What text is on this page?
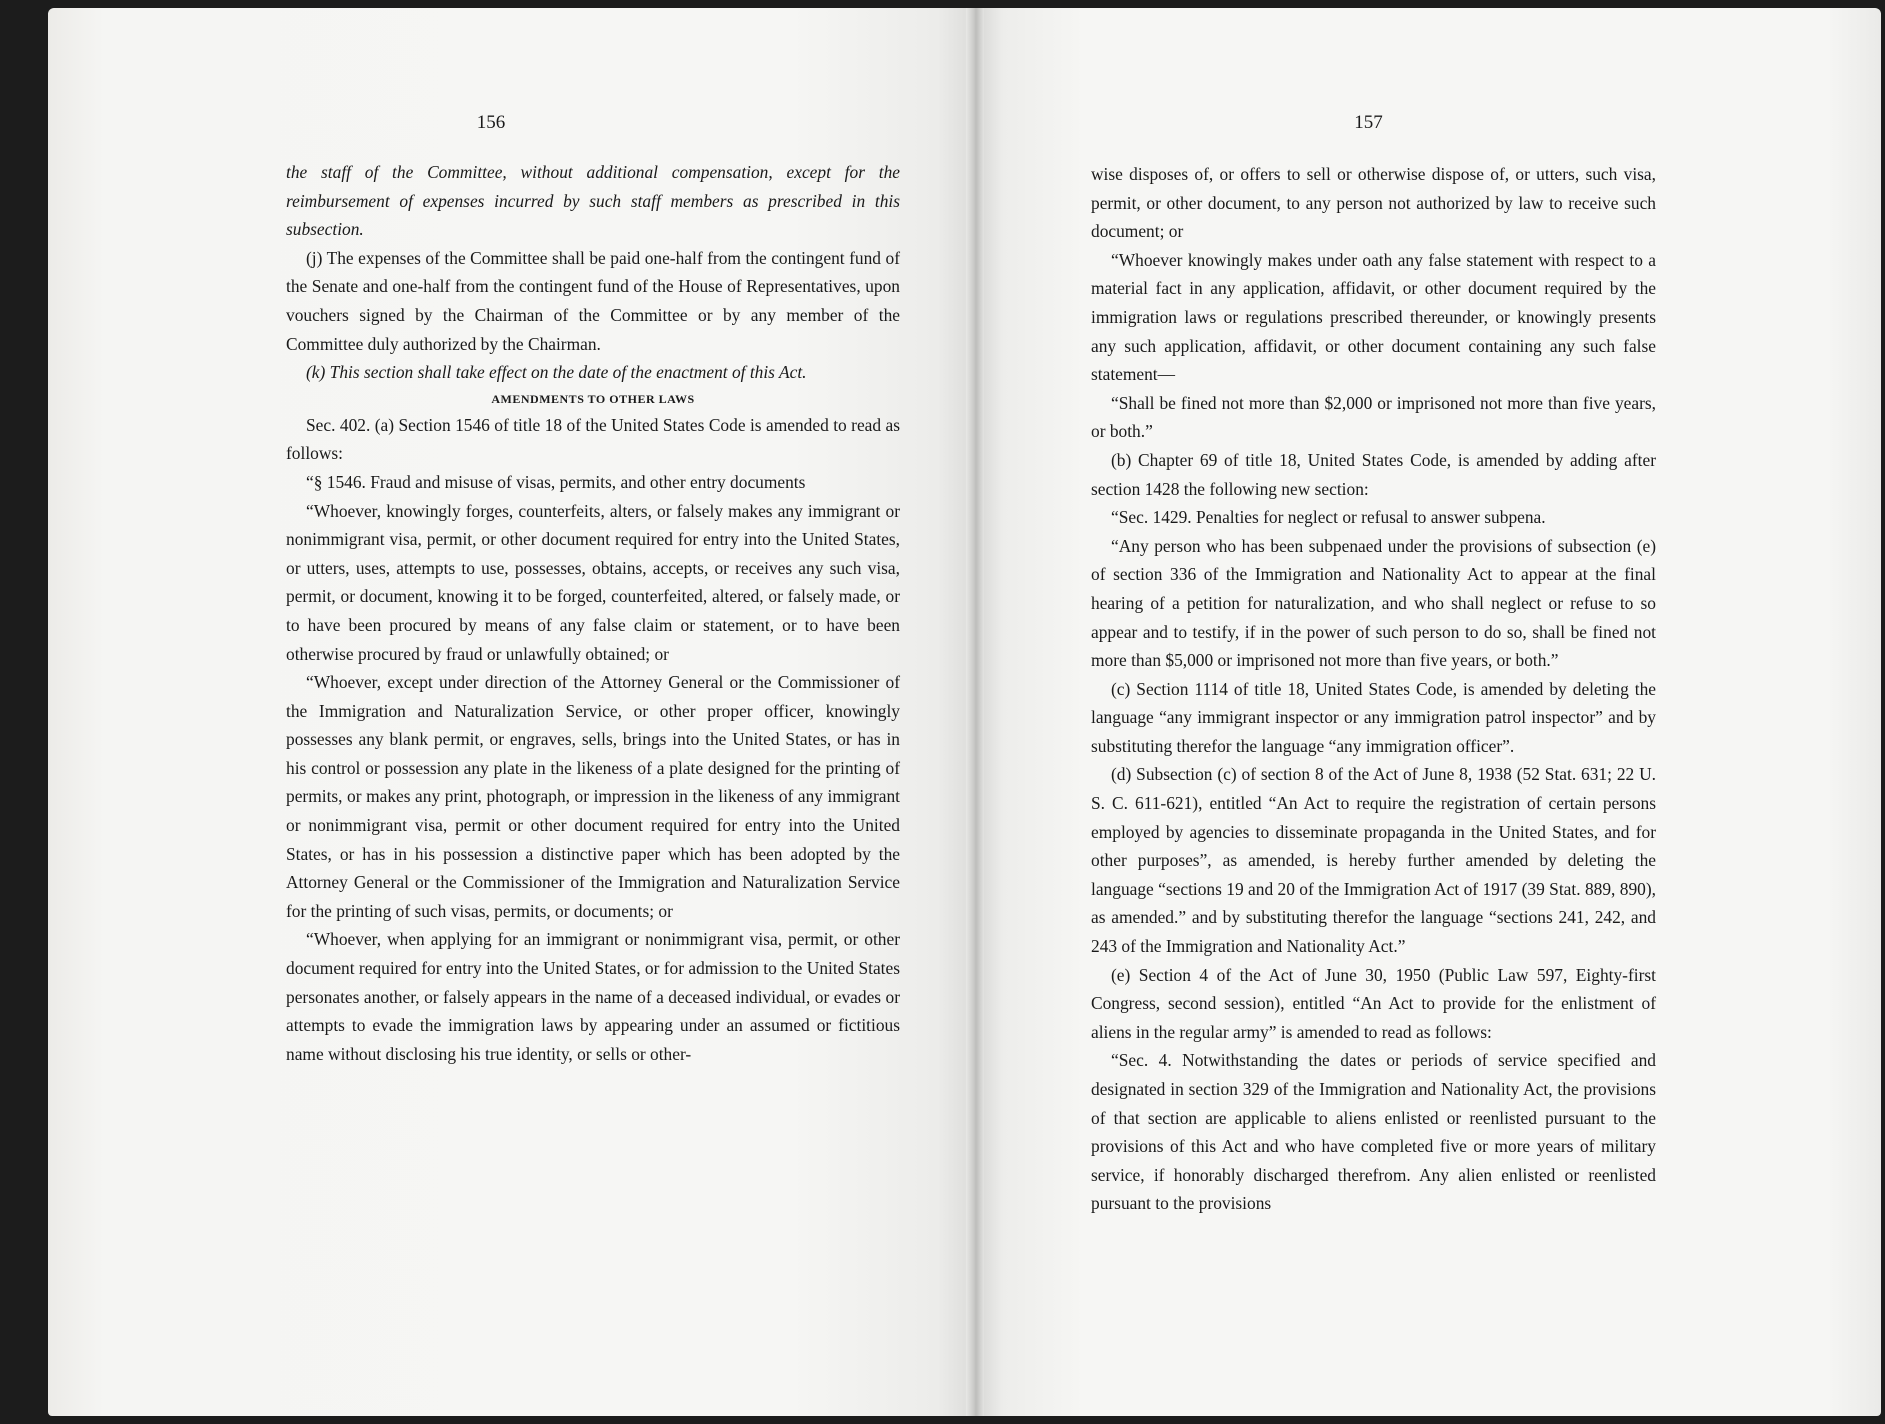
156

the staff of the Committee, without additional compensation, except for the reimbursement of expenses incurred by such staff members as prescribed in this subsection.

(j) The expenses of the Committee shall be paid one-half from the contingent fund of the Senate and one-half from the contingent fund of the House of Representatives, upon vouchers signed by the Chairman of the Committee or by any member of the Committee duly authorized by the Chairman.

(k) This section shall take effect on the date of the enactment of this Act.

AMENDMENTS TO OTHER LAWS

Sec. 402. (a) Section 1546 of title 18 of the United States Code is amended to read as follows:

“§ 1546. Fraud and misuse of visas, permits, and other entry documents

“Whoever, knowingly forges, counterfeits, alters, or falsely makes any immigrant or nonimmigrant visa, permit, or other document required for entry into the United States, or utters, uses, attempts to use, possesses, obtains, accepts, or receives any such visa, permit, or document, knowing it to be forged, counterfeited, altered, or falsely made, or to have been procured by means of any false claim or statement, or to have been otherwise procured by fraud or unlawfully obtained; or

“Whoever, except under direction of the Attorney General or the Commissioner of the Immigration and Naturalization Service, or other proper officer, knowingly possesses any blank permit, or engraves, sells, brings into the United States, or has in his control or possession any plate in the likeness of a plate designed for the printing of permits, or makes any print, photograph, or impression in the likeness of any immigrant or nonimmigrant visa, permit or other document required for entry into the United States, or has in his possession a distinctive paper which has been adopted by the Attorney General or the Commissioner of the Immigration and Naturalization Service for the printing of such visas, permits, or documents; or

“Whoever, when applying for an immigrant or nonimmigrant visa, permit, or other document required for entry into the United States, or for admission to the United States personates another, or falsely appears in the name of a deceased individual, or evades or attempts to evade the immigration laws by appearing under an assumed or fictitious name without disclosing his true identity, or sells or other-

157

wise disposes of, or offers to sell or otherwise dispose of, or utters, such visa, permit, or other document, to any person not authorized by law to receive such document; or

“Whoever knowingly makes under oath any false statement with respect to a material fact in any application, affidavit, or other document required by the immigration laws or regulations prescribed thereunder, or knowingly presents any such application, affidavit, or other document containing any such false statement—

“Shall be fined not more than $2,000 or imprisoned not more than five years, or both.”

(b) Chapter 69 of title 18, United States Code, is amended by adding after section 1428 the following new section:

“Sec. 1429. Penalties for neglect or refusal to answer subpena.

“Any person who has been subpenaed under the provisions of subsection (e) of section 336 of the Immigration and Nationality Act to appear at the final hearing of a petition for naturalization, and who shall neglect or refuse to so appear and to testify, if in the power of such person to do so, shall be fined not more than $5,000 or imprisoned not more than five years, or both.”

(c) Section 1114 of title 18, United States Code, is amended by deleting the language “any immigrant inspector or any immigration patrol inspector” and by substituting therefor the language “any immigration officer”.

(d) Subsection (c) of section 8 of the Act of June 8, 1938 (52 Stat. 631; 22 U. S. C. 611-621), entitled “An Act to require the registration of certain persons employed by agencies to disseminate propaganda in the United States, and for other purposes”, as amended, is hereby further amended by deleting the language “sections 19 and 20 of the Immigration Act of 1917 (39 Stat. 889, 890), as amended.” and by substituting therefor the language “sections 241, 242, and 243 of the Immigration and Nationality Act.”

(e) Section 4 of the Act of June 30, 1950 (Public Law 597, Eighty-first Congress, second session), entitled “An Act to provide for the enlistment of aliens in the regular army” is amended to read as follows:

“Sec. 4. Notwithstanding the dates or periods of service specified and designated in section 329 of the Immigration and Nationality Act, the provisions of that section are applicable to aliens enlisted or reenlisted pursuant to the provisions of this Act and who have completed five or more years of military service, if honorably discharged therefrom. Any alien enlisted or reenlisted pursuant to the provisions
